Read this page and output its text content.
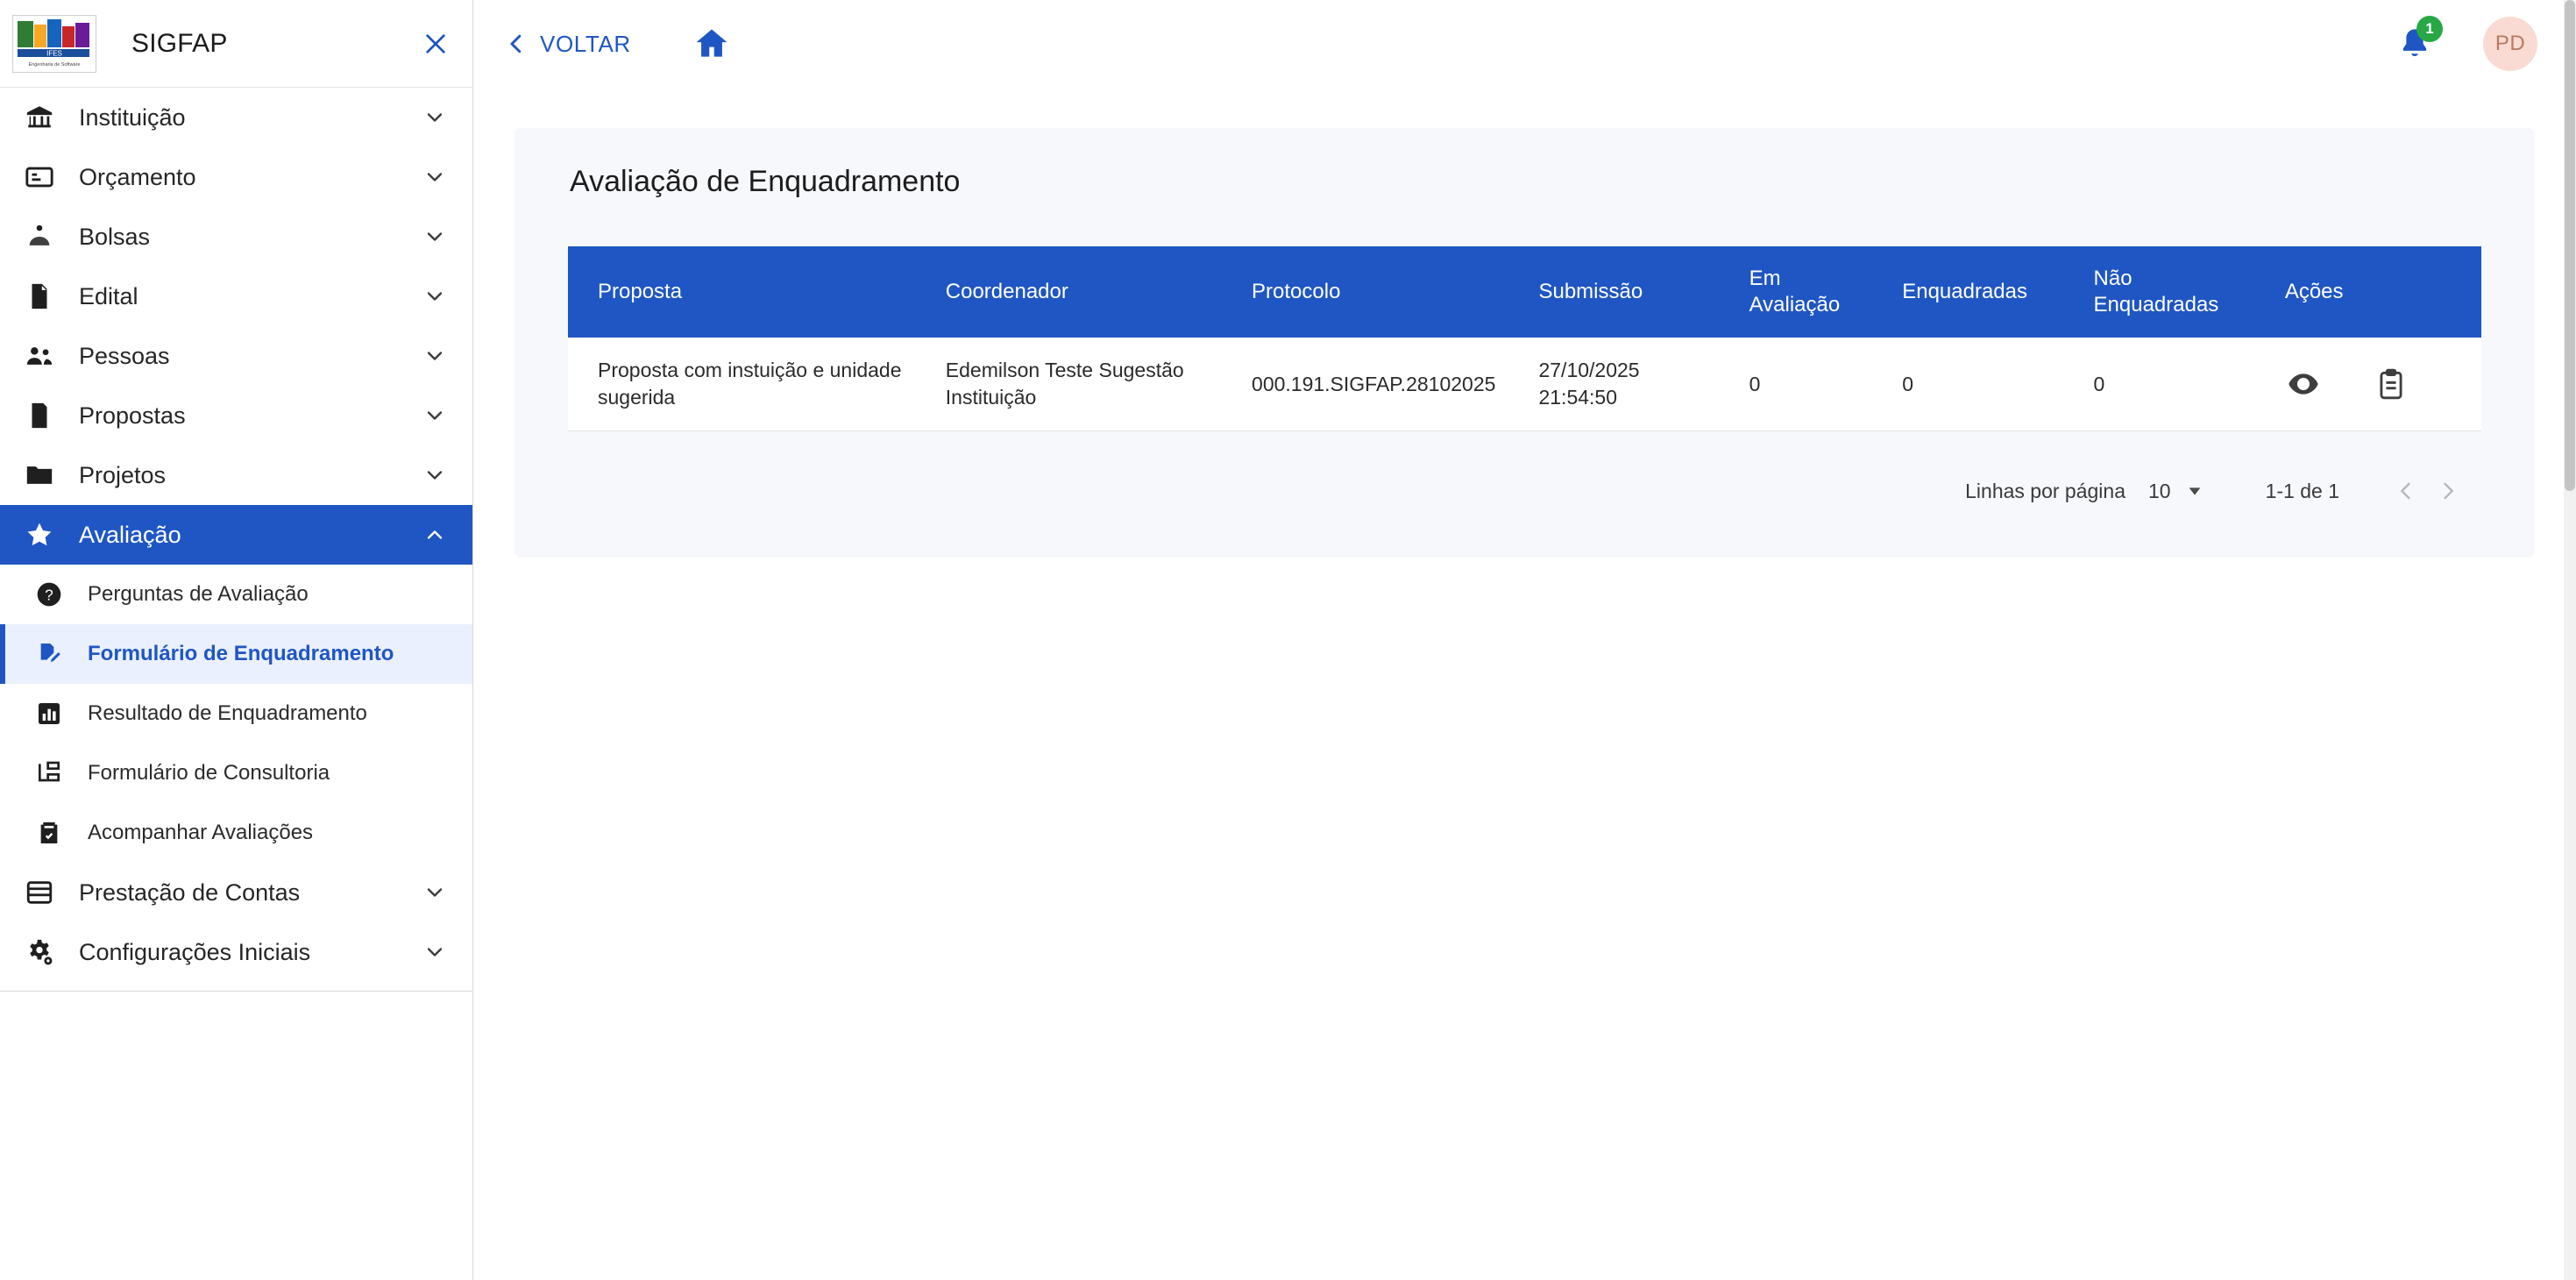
IFES
Engenharia de Software
SIGFAP
Instituição
Orçamento
Bolsas
Edital
Pessoas
Propostas
Projetos
Avaliação
? Perguntas de Avaliação
Formulário de Enquadramento
Resultado de Enquadramento
Formulário de Consultoria
Acompanhar Avaliações
Prestação de Contas
Configurações Iniciais
VOLTAR
1
PD
Avaliação de Enquadramento
Proposta	Coordenador	Protocolo	Submissão	Em Avaliação	Enquadradas	Não Enquadradas	Ações
Proposta com instuição e unidade sugerida	Edemilson Teste Sugestão Instituição	000.191.SIGFAP.28102025	27/10/2025 21:54:50	0	0	0	
Linhas por página 10	1-1 de 1
